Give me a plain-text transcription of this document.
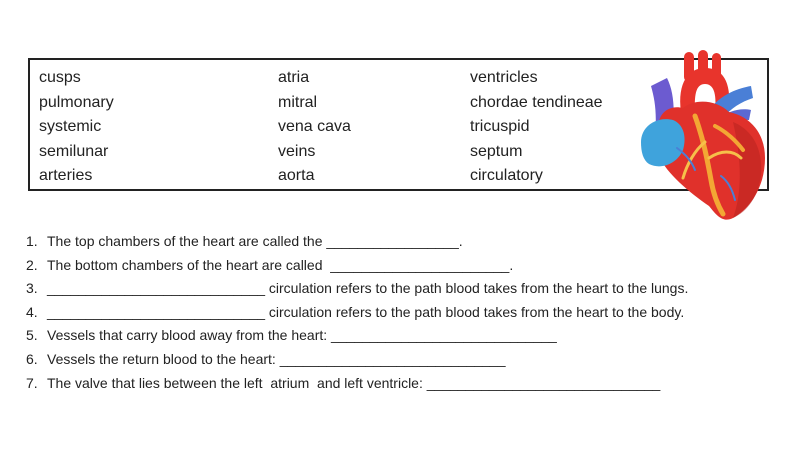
cusps
pulmonary
systemic
semilunar
arteries
atria
mitral
vena cava
veins
aorta
ventricles
chordae tendineae
tricuspid
septum
circulatory
1. The top chambers of the heart are called the _________________.
2. The bottom chambers of the heart are called  _______________________.
3. ____________________________ circulation refers to the path blood takes from the heart to the lungs.
4. ____________________________ circulation refers to the path blood takes from the heart to the body.
5. Vessels that carry blood away from the heart: _____________________________
6. Vessels the return blood to the heart: _____________________________
7. The valve that lies between the left  atrium  and left ventricle: ______________________________
